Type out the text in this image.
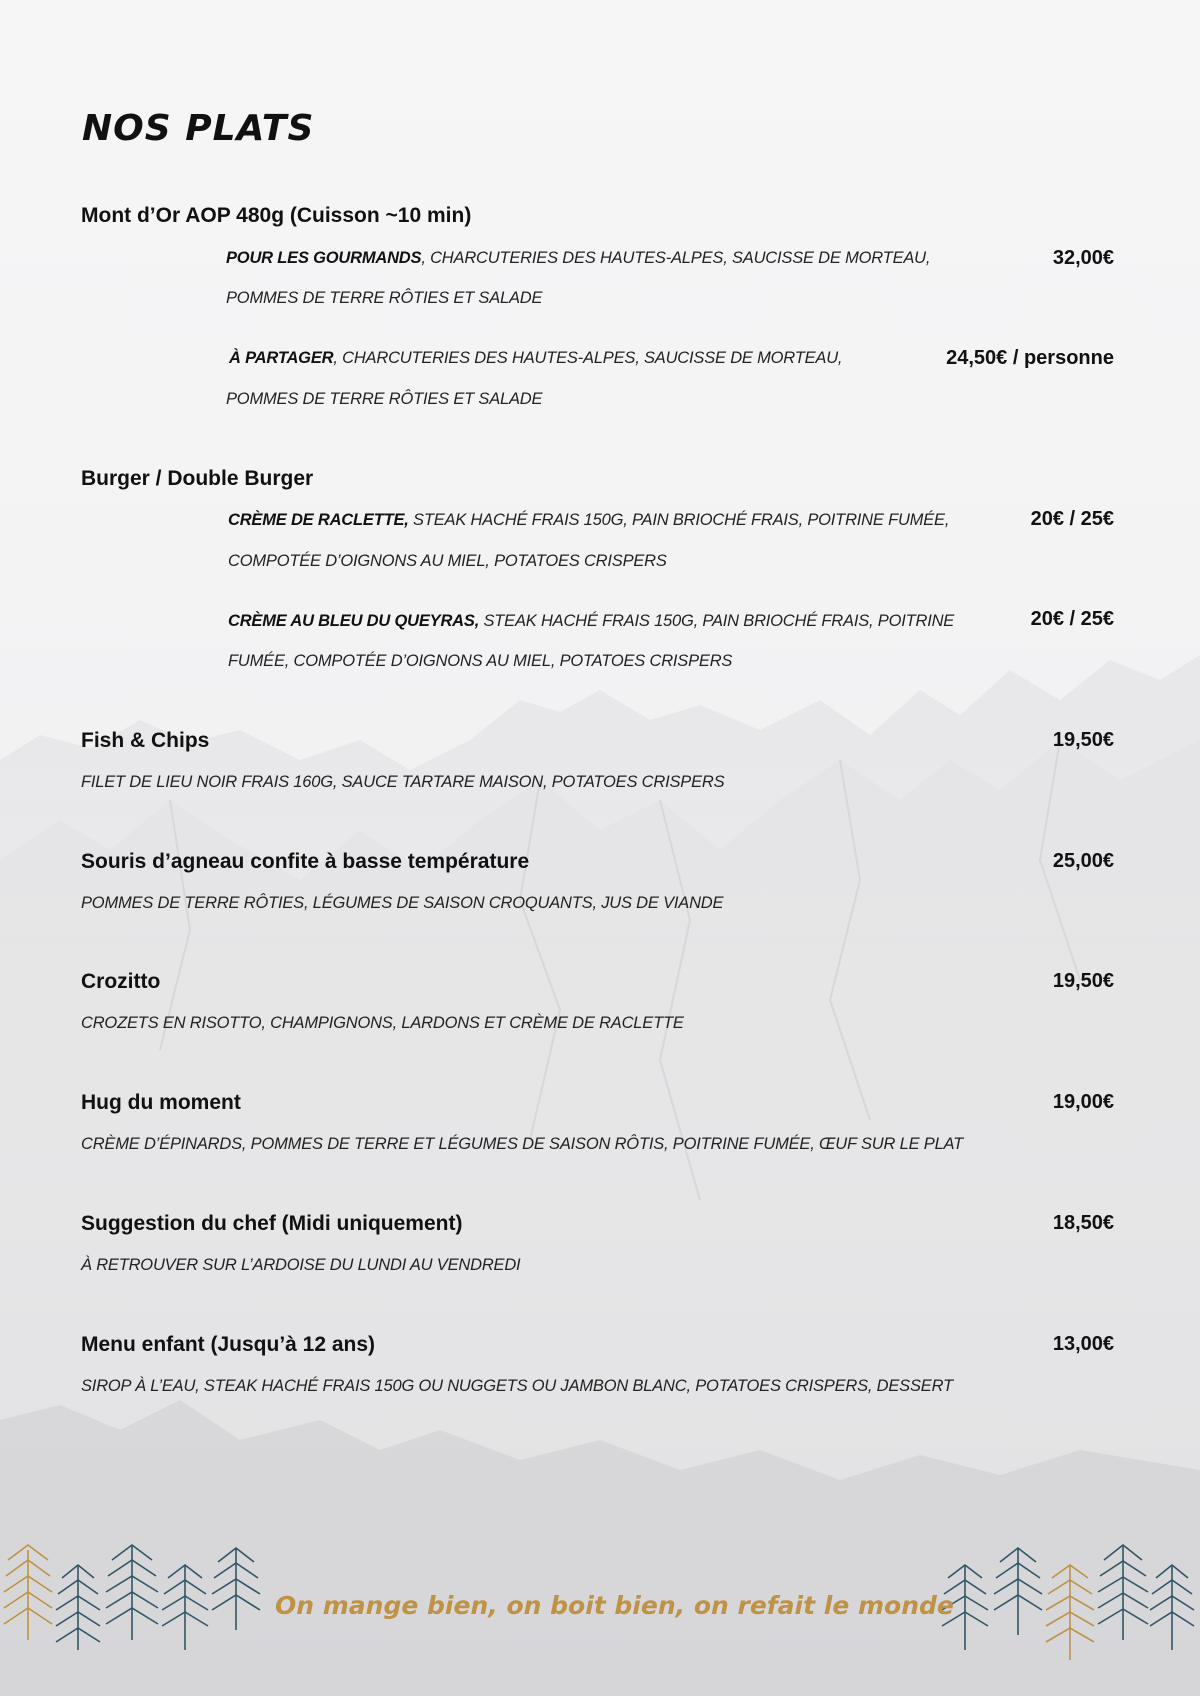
NOS PLATS
Mont d’Or AOP 480g (Cuisson ~10 min)
POUR LES GOURMANDS, CHARCUTERIES DES HAUTES-ALPES, SAUCISSE DE MORTEAU,	32,00€
POMMES DE TERRE RÔTIES ET SALADE
À PARTAGER, CHARCUTERIES DES HAUTES-ALPES, SAUCISSE DE MORTEAU,	24,50€ / personne
POMMES DE TERRE RÔTIES ET SALADE
Burger / Double Burger
CRÈME DE RACLETTE, STEAK HACHÉ FRAIS 150G, PAIN BRIOCHÉ FRAIS, POITRINE FUMÉE,	20€ / 25€
COMPOTÉE D’OIGNONS AU MIEL, POTATOES CRISPERS
CRÈME AU BLEU DU QUEYRAS, STEAK HACHÉ FRAIS 150G, PAIN BRIOCHÉ FRAIS, POITRINE	20€ / 25€
FUMÉE, COMPOTÉE D’OIGNONS AU MIEL, POTATOES CRISPERS
Fish & Chips	19,50€
FILET DE LIEU NOIR FRAIS 160G, SAUCE TARTARE MAISON, POTATOES CRISPERS
Souris d’agneau confite à basse température	25,00€
POMMES DE TERRE RÔTIES, LÉGUMES DE SAISON CROQUANTS, JUS DE VIANDE
Crozitto	19,50€
CROZETS EN RISOTTO, CHAMPIGNONS, LARDONS ET CRÈME DE RACLETTE
Hug du moment	19,00€
CRÈME D’ÉPINARDS, POMMES DE TERRE ET LÉGUMES DE SAISON RÔTIS, POITRINE FUMÉE, ŒUF SUR LE PLAT
Suggestion du chef (Midi uniquement)	18,50€
À RETROUVER SUR L’ARDOISE DU LUNDI AU VENDREDI
Menu enfant (Jusqu’à 12 ans)	13,00€
SIROP À L’EAU, STEAK HACHÉ FRAIS 150G OU NUGGETS OU JAMBON BLANC, POTATOES CRISPERS, DESSERT
On mange bien, on boit bien, on refait le monde
